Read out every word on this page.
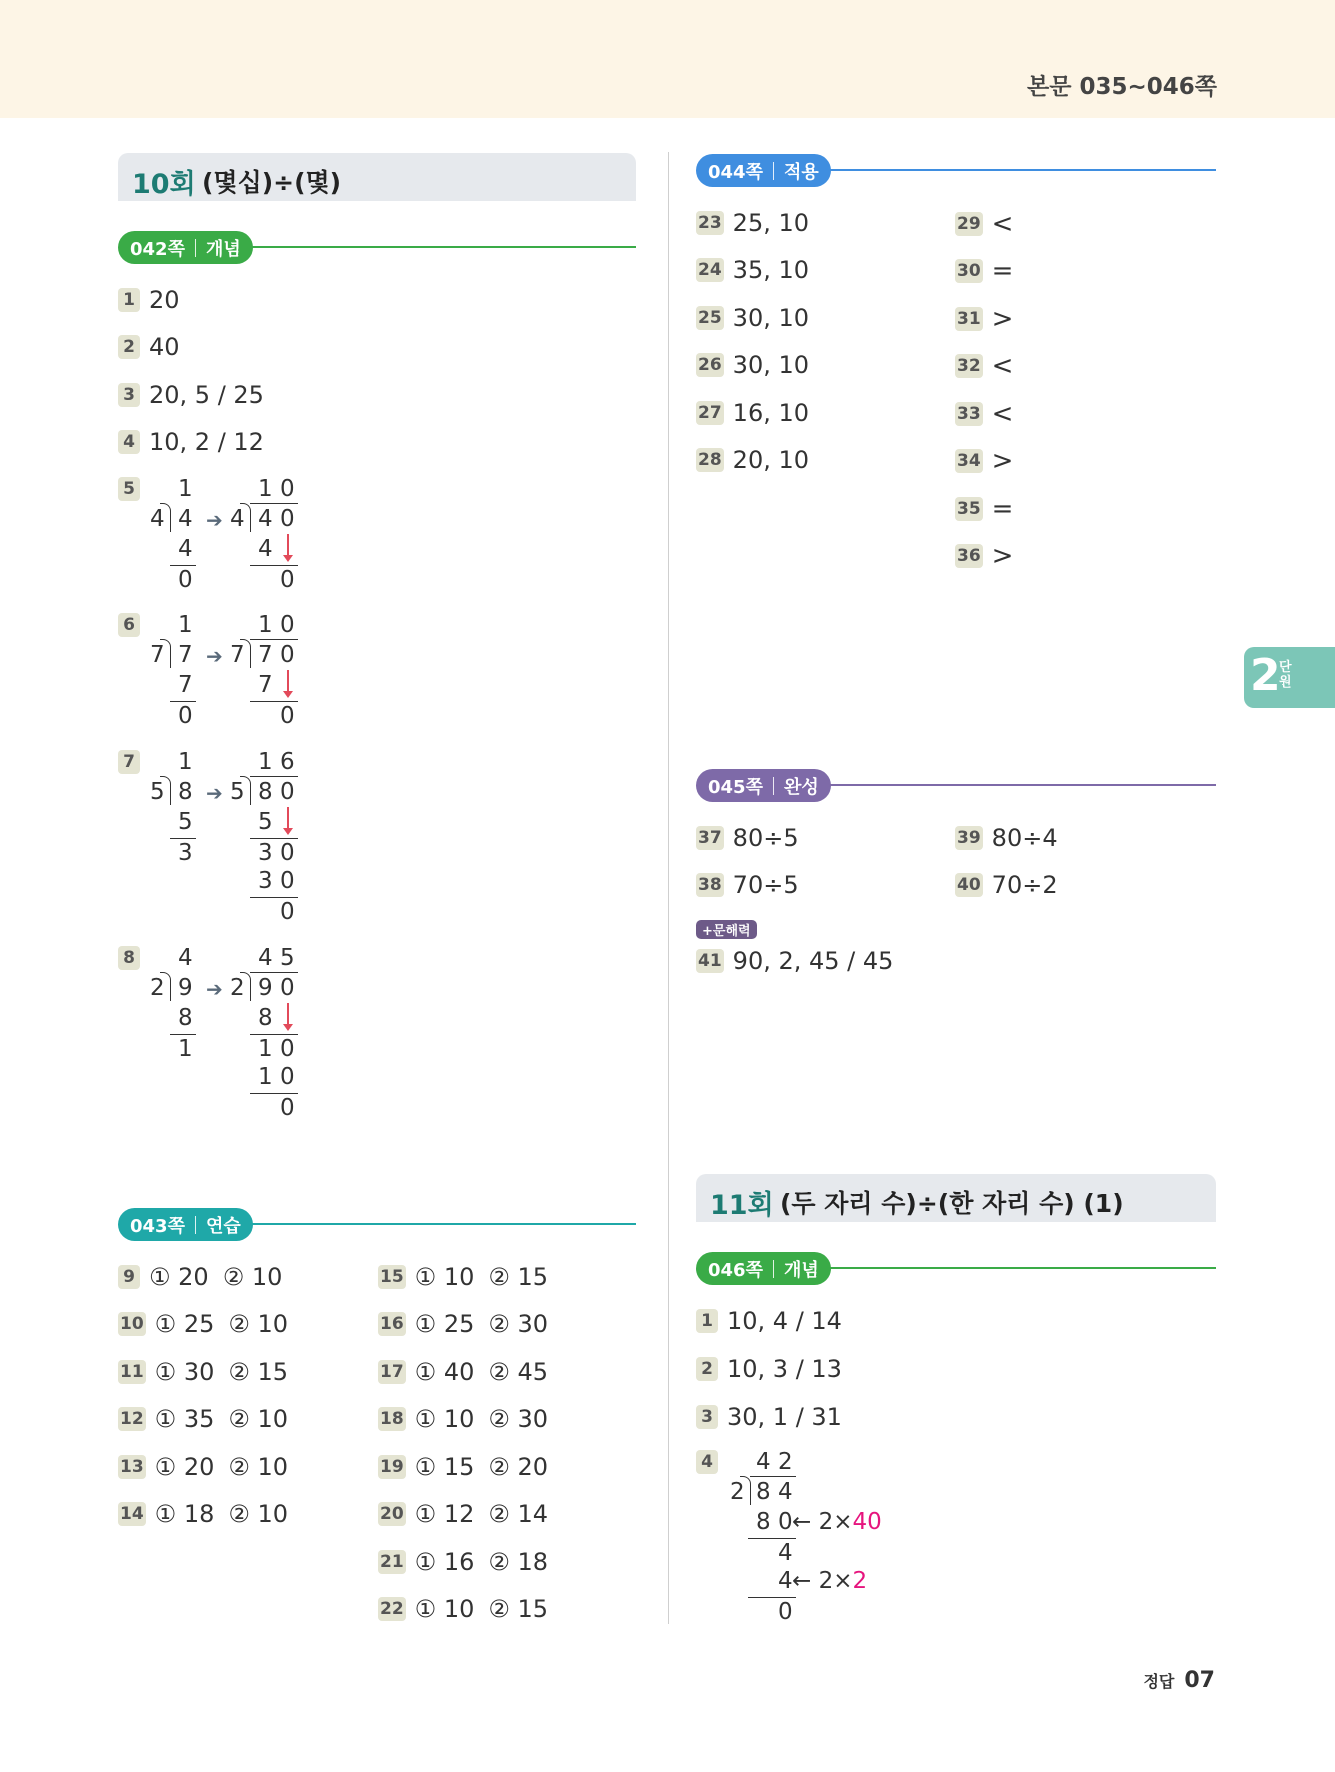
본문 035~046쪽
10회 (몇십)÷(몇)
042쪽 개념
1 20
2 40
3 20, 5 / 25
4 10, 2 / 12
5 1
4 4
4
0
➔
1 0
4 4 0
4
0
6 1
7 7
7
0
➔
1 0
7 7 0
7
0
7 1
5 8
5
3
➔
1 6
5 8 0
5
3 0
3 0
0
8 4
2 9
8
1
➔
4 5
2 9 0
8
1 0
1 0
0
043쪽 연습
9 ① 20 ② 10
10 ① 25 ② 10
11 ① 30 ② 15
12 ① 35 ② 10
13 ① 20 ② 10
14 ① 18 ② 10
15 ① 10 ② 15
16 ① 25 ② 30
17 ① 40 ② 45
18 ① 10 ② 30
19 ① 15 ② 20
20 ① 12 ② 14
21 ① 16 ② 18
22 ① 10 ② 15
044쪽 적용
23 25, 10
24 35, 10
25 30, 10
26 30, 10
27 16, 10
28 20, 10
29 <
30 =
31 >
32 <
33 <
34 >
35 =
36 >
045쪽 완성
37 80÷5
38 70÷5
39 80÷4
40 70÷2
+문해력
41 90, 2, 45 / 45
11회 (두 자리 수)÷(한 자리 수) (1)
046쪽 개념
1 10, 4 / 14
2 10, 3 / 13
3 30, 1 / 31
4 4 2
2 8 4
8 0 ← 2×40
4
4 ← 2×2
0
2
단원
정답 07
